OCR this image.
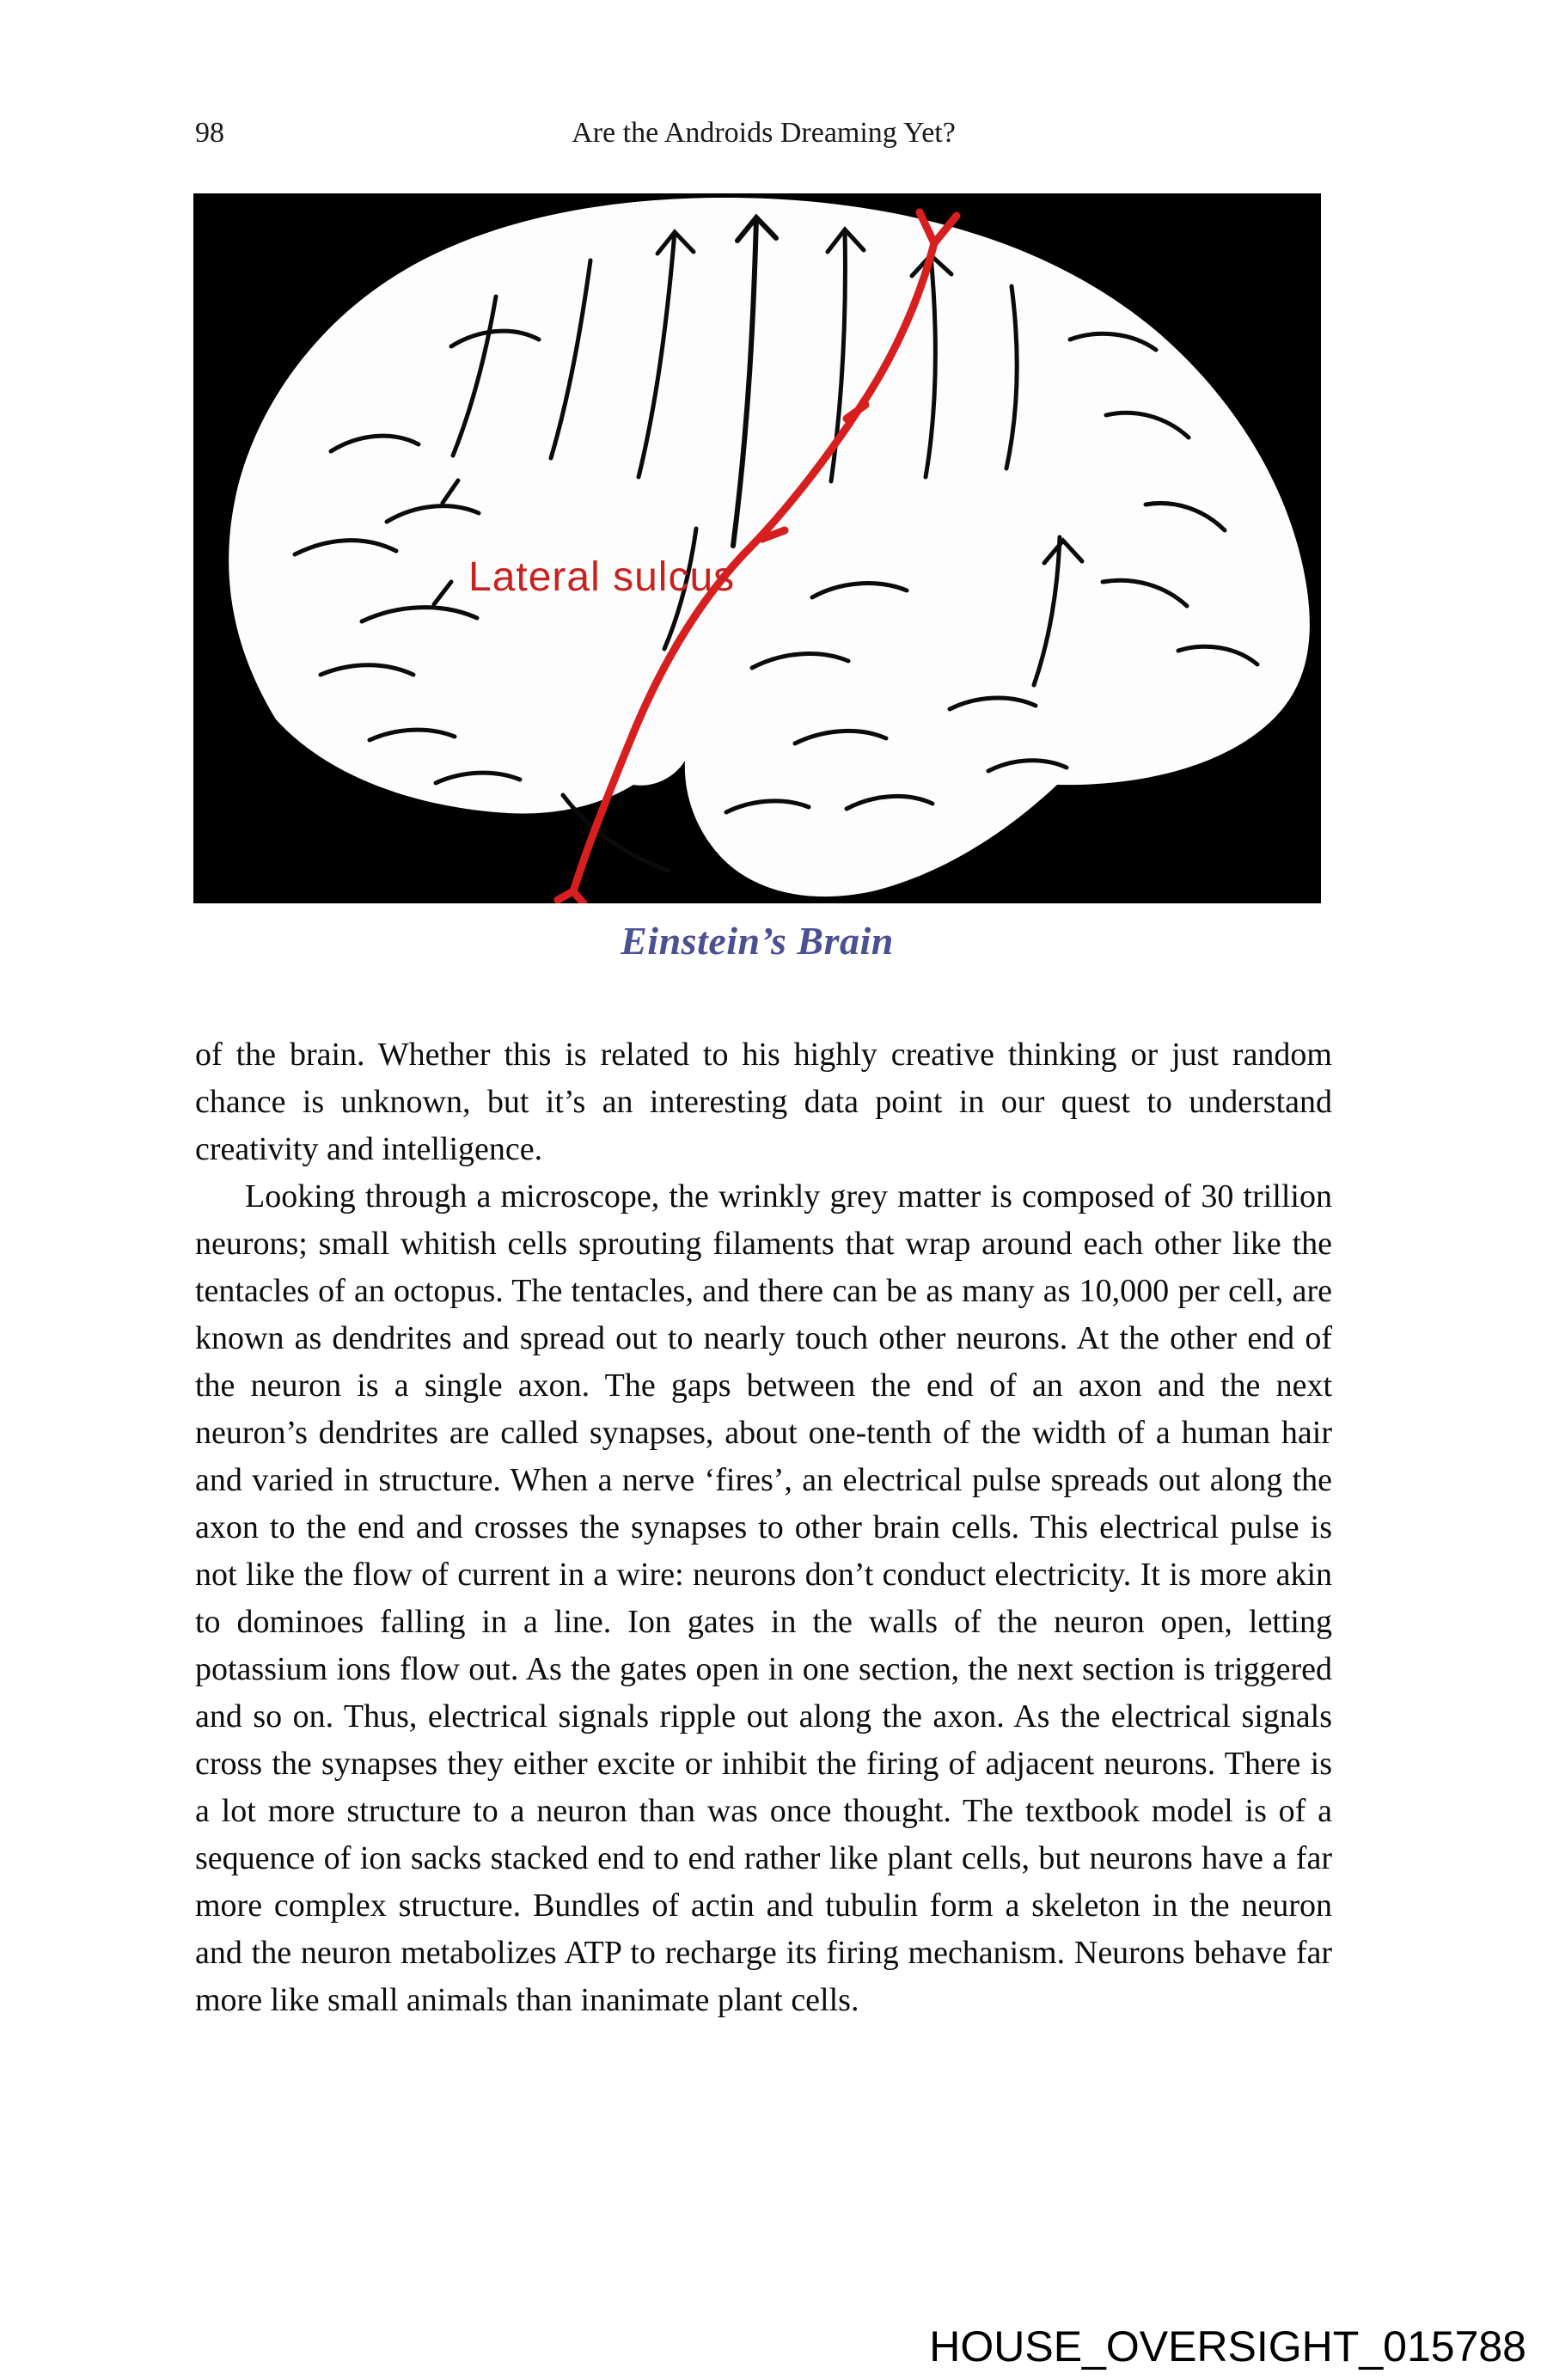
98	Are the Androids Dreaming Yet?
Lateral sulcus
Einstein’s Brain

of the brain. Whether this is related to his highly creative thinking or just random chance is unknown, but it’s an interesting data point in our quest to understand creativity and intelligence.

Looking through a microscope, the wrinkly grey matter is composed of 30 trillion neurons; small whitish cells sprouting filaments that wrap around each other like the tentacles of an octopus. The tentacles, and there can be as many as 10,000 per cell, are known as dendrites and spread out to nearly touch other neurons. At the other end of the neuron is a single axon. The gaps between the end of an axon and the next neuron’s dendrites are called synapses, about one-tenth of the width of a human hair and varied in structure. When a nerve ‘fires’, an electrical pulse spreads out along the axon to the end and crosses the synapses to other brain cells. This electrical pulse is not like the flow of current in a wire: neurons don’t conduct electricity. It is more akin to dominoes falling in a line. Ion gates in the walls of the neuron open, letting potassium ions flow out. As the gates open in one section, the next section is triggered and so on. Thus, electrical signals ripple out along the axon. As the electrical signals cross the synapses they either excite or inhibit the firing of adjacent neurons. There is a lot more structure to a neuron than was once thought. The textbook model is of a sequence of ion sacks stacked end to end rather like plant cells, but neurons have a far more complex structure. Bundles of actin and tubulin form a skeleton in the neuron and the neuron metabolizes ATP to recharge its firing mechanism. Neurons behave far more like small animals than inanimate plant cells.

HOUSE_OVERSIGHT_015788
